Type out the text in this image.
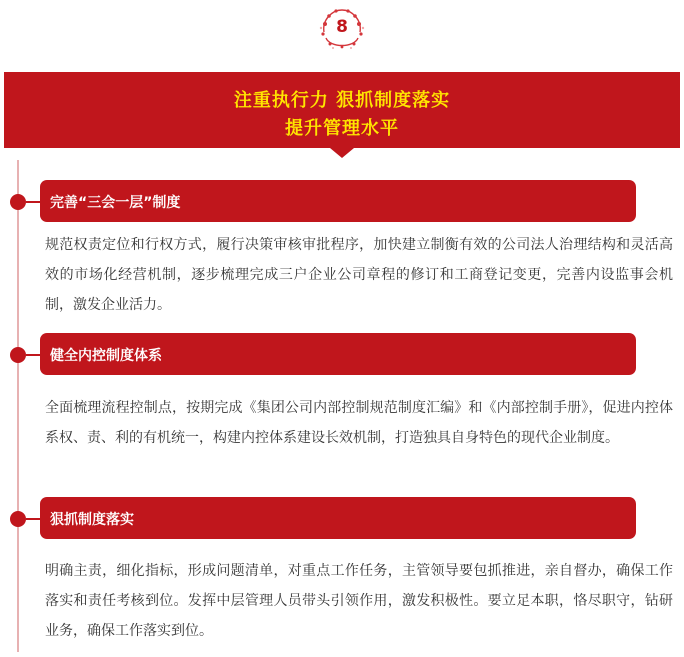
8
注重执行力 狠抓制度落实
提升管理水平
完善“三会一层”制度
规范权责定位和行权方式，履行决策审核审批程序，加快建立制衡有效的公司法人治理结构和灵活高效的市场化经营机制，逐步梳理完成三户企业公司章程的修订和工商登记变更，完善内设监事会机制，激发企业活力。
健全内控制度体系
全面梳理流程控制点，按期完成《集团公司内部控制规范制度汇编》和《内部控制手册》，促进内控体系权、责、利的有机统一，构建内控体系建设长效机制，打造独具自身特色的现代企业制度。
狠抓制度落实
明确主责，细化指标，形成问题清单，对重点工作任务，主管领导要包抓推进，亲自督办，确保工作落实和责任考核到位。发挥中层管理人员带头引领作用，激发积极性。要立足本职，恪尽职守，钻研业务，确保工作落实到位。
